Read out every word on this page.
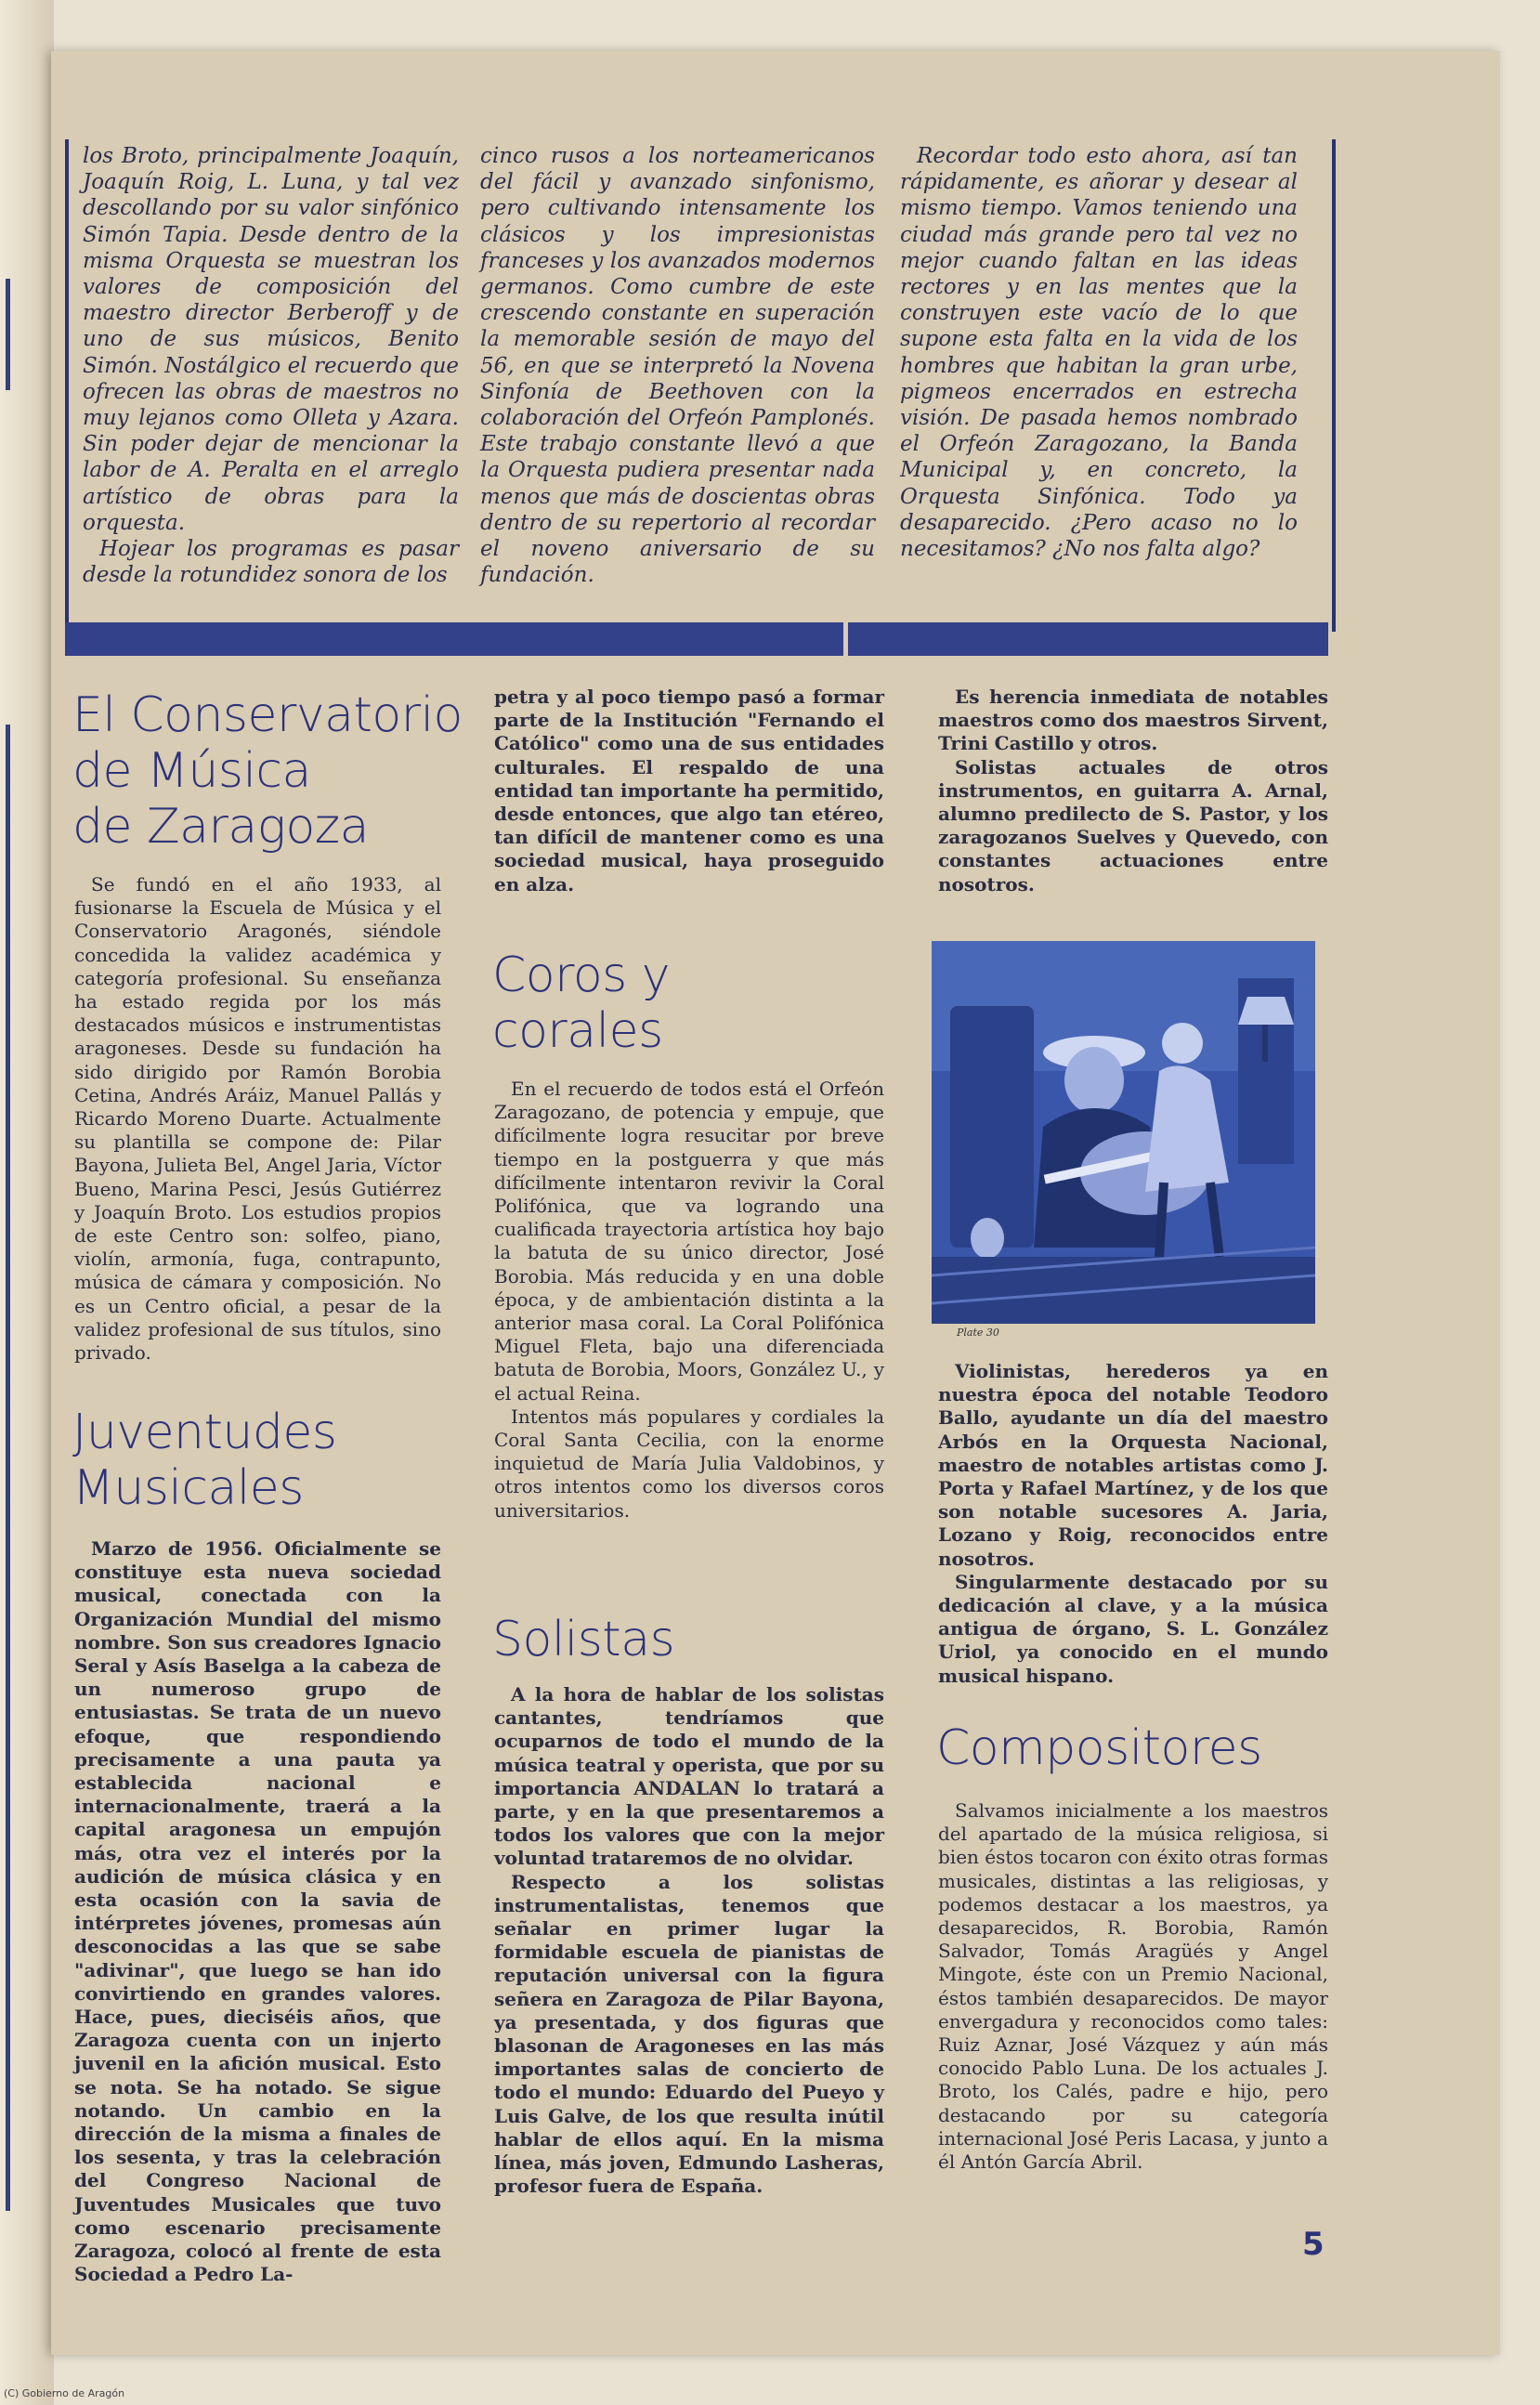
(C) Gobierno de Aragón

los Broto, principalmente Joaquín, Joaquín Roig, L. Luna, y tal vez descollando por su valor sinfónico Simón Tapia. Desde dentro de la misma Orquesta se muestran los valores de composición del maestro director Berberoff y de uno de sus músicos, Benito Simón. Nostálgico el recuerdo que ofrecen las obras de maestros no muy lejanos como Olleta y Azara. Sin poder dejar de mencionar la labor de A. Peralta en el arreglo artístico de obras para la orquesta.

Hojear los programas es pasar desde la rotundidez sonora de los

cinco rusos a los norteamericanos del fácil y avanzado sinfonismo, pero cultivando intensamente los clásicos y los impresionistas franceses y los avanzados modernos germanos. Como cumbre de este crescendo constante en superación la memorable sesión de mayo del 56, en que se interpretó la Novena Sinfonía de Beethoven con la colaboración del Orfeón Pamplonés. Este trabajo constante llevó a que la Orquesta pudiera presentar nada menos que más de doscientas obras dentro de su repertorio al recordar el noveno aniversario de su fundación.

Recordar todo esto ahora, así tan rápidamente, es añorar y desear al mismo tiempo. Vamos teniendo una ciudad más grande pero tal vez no mejor cuando faltan en las ideas rectores y en las mentes que la construyen este vacío de lo que supone esta falta en la vida de los hombres que habitan la gran urbe, pigmeos encerrados en estrecha visión. De pasada hemos nombrado el Orfeón Zaragozano, la Banda Municipal y, en concreto, la Orquesta Sinfónica. Todo ya desaparecido. ¿Pero acaso no lo necesitamos? ¿No nos falta algo?

El Conservatorio
de Música
de Zaragoza

Se fundó en el año 1933, al fusionarse la Escuela de Música y el Conservatorio Aragonés, siéndole concedida la validez académica y categoría profesional. Su enseñanza ha estado regida por los más destacados músicos e instrumentistas aragoneses. Desde su fundación ha sido dirigido por Ramón Borobia Cetina, Andrés Aráiz, Manuel Pallás y Ricardo Moreno Duarte. Actualmente su plantilla se compone de: Pilar Bayona, Julieta Bel, Angel Jaria, Víctor Bueno, Marina Pesci, Jesús Gutiérrez y Joaquín Broto. Los estudios propios de este Centro son: solfeo, piano, violín, armonía, fuga, contrapunto, música de cámara y composición. No es un Centro oficial, a pesar de la validez profesional de sus títulos, sino privado.

Juventudes
Musicales

Marzo de 1956. Oficialmente se constituye esta nueva sociedad musical, conectada con la Organización Mundial del mismo nombre. Son sus creadores Ignacio Seral y Asís Baselga a la cabeza de un numeroso grupo de entusiastas. Se trata de un nuevo efoque, que respondiendo precisamente a una pauta ya establecida nacional e internacionalmente, traerá a la capital aragonesa un empujón más, otra vez el interés por la audición de música clásica y en esta ocasión con la savia de intérpretes jóvenes, promesas aún desconocidas a las que se sabe "adivinar", que luego se han ido convirtiendo en grandes valores. Hace, pues, dieciséis años, que Zaragoza cuenta con un injerto juvenil en la afición musical. Esto se nota. Se ha notado. Se sigue notando. Un cambio en la dirección de la misma a finales de los sesenta, y tras la celebración del Congreso Nacional de Juventudes Musicales que tuvo como escenario precisamente Zaragoza, colocó al frente de esta Sociedad a Pedro La-

petra y al poco tiempo pasó a formar parte de la Institución "Fernando el Católico" como una de sus entidades culturales. El respaldo de una entidad tan importante ha permitido, desde entonces, que algo tan etéreo, tan difícil de mantener como es una sociedad musical, haya proseguido en alza.

Coros y
corales

En el recuerdo de todos está el Orfeón Zaragozano, de potencia y empuje, que difícilmente logra resucitar por breve tiempo en la postguerra y que más difícilmente intentaron revivir la Coral Polifónica, que va logrando una cualificada trayectoria artística hoy bajo la batuta de su único director, José Borobia. Más reducida y en una doble época, y de ambientación distinta a la anterior masa coral. La Coral Polifónica Miguel Fleta, bajo una diferenciada batuta de Borobia, Moors, González U., y el actual Reina.

Intentos más populares y cordiales la Coral Santa Cecilia, con la enorme inquietud de María Julia Valdobinos, y otros intentos como los diversos coros universitarios.

Solistas

A la hora de hablar de los solistas cantantes, tendríamos que ocuparnos de todo el mundo de la música teatral y operista, que por su importancia ANDALAN lo tratará a parte, y en la que presentaremos a todos los valores que con la mejor voluntad trataremos de no olvidar.

Respecto a los solistas instrumentalistas, tenemos que señalar en primer lugar la formidable escuela de pianistas de reputación universal con la figura señera en Zaragoza de Pilar Bayona, ya presentada, y dos figuras que blasonan de Aragoneses en las más importantes salas de concierto de todo el mundo: Eduardo del Pueyo y Luis Galve, de los que resulta inútil hablar de ellos aquí. En la misma línea, más joven, Edmundo Lasheras, profesor fuera de España.

Es herencia inmediata de notables maestros como dos maestros Sirvent, Trini Castillo y otros.

Solistas actuales de otros instrumentos, en guitarra A. Arnal, alumno predilecto de S. Pastor, y los zaragozanos Suelves y Quevedo, con constantes actuaciones entre nosotros.

Plate 30

Violinistas, herederos ya en nuestra época del notable Teodoro Ballo, ayudante un día del maestro Arbós en la Orquesta Nacional, maestro de notables artistas como J. Porta y Rafael Martínez, y de los que son notable sucesores A. Jaria, Lozano y Roig, reconocidos entre nosotros.

Singularmente destacado por su dedicación al clave, y a la música antigua de órgano, S. L. González Uriol, ya conocido en el mundo musical hispano.

Compositores

Salvamos inicialmente a los maestros del apartado de la música religiosa, si bien éstos tocaron con éxito otras formas musicales, distintas a las religiosas, y podemos destacar a los maestros, ya desaparecidos, R. Borobia, Ramón Salvador, Tomás Aragüés y Angel Mingote, éste con un Premio Nacional, éstos también desaparecidos. De mayor envergadura y reconocidos como tales: Ruiz Aznar, José Vázquez y aún más conocido Pablo Luna. De los actuales J. Broto, los Calés, padre e hijo, pero destacando por su categoría internacional José Peris Lacasa, y junto a él Antón García Abril.

5
